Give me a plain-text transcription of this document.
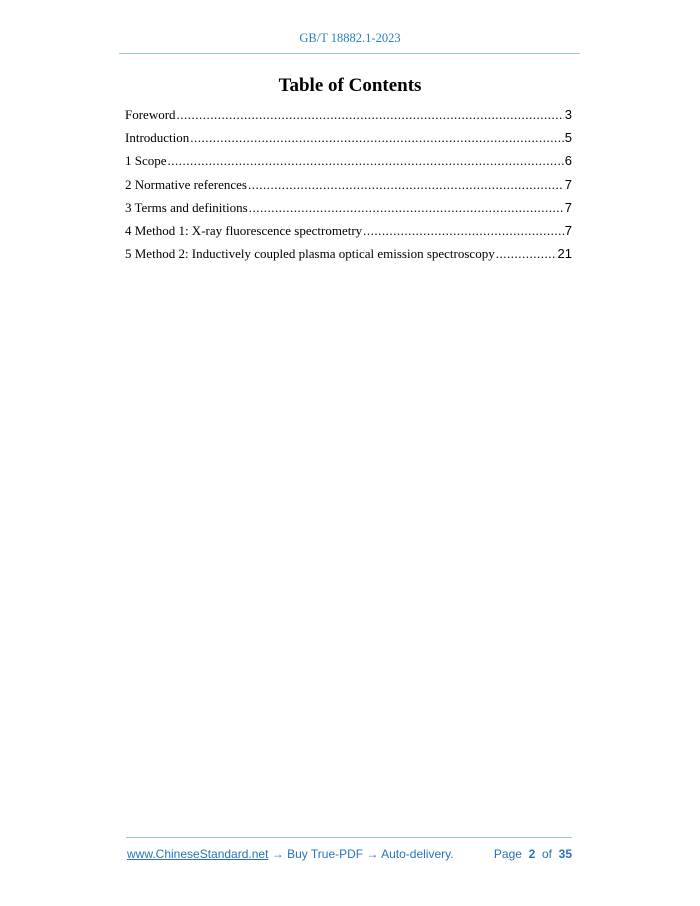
GB/T 18882.1-2023
Table of Contents
Foreword .....	3
Introduction .....	5
1 Scope .....	6
2 Normative references .....	7
3 Terms and definitions .....	7
4 Method 1: X-ray fluorescence spectrometry .....	7
5 Method 2: Inductively coupled plasma optical emission spectroscopy .....	21
www.ChineseStandard.net → Buy True-PDF → Auto-delivery.	Page 2 of 35
